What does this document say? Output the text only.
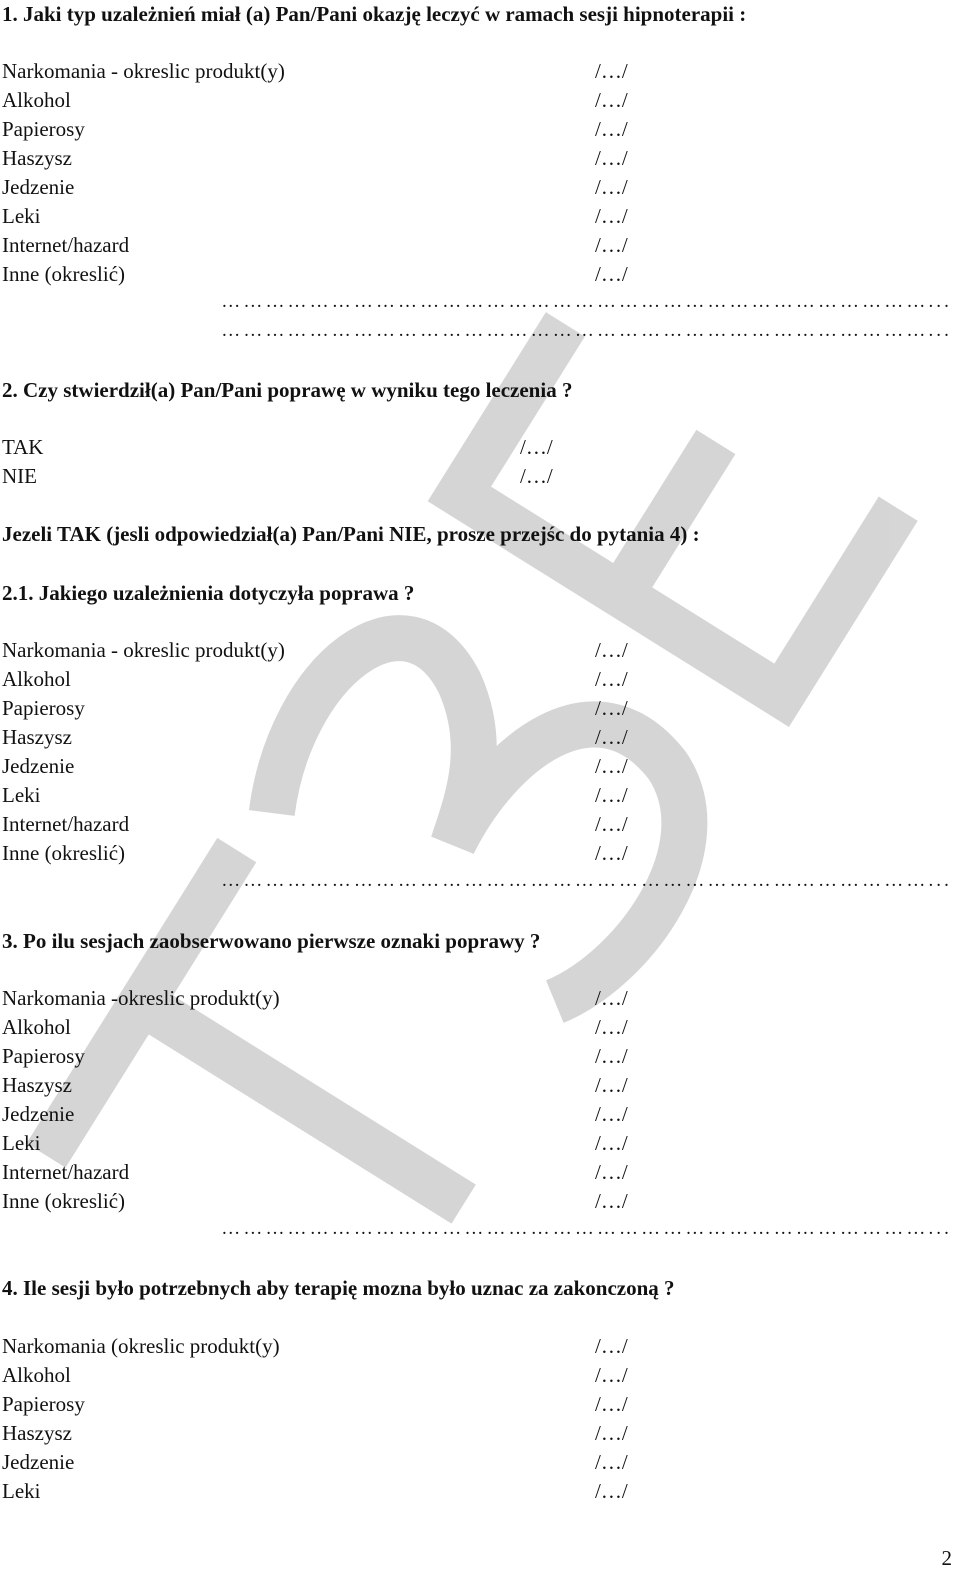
1. Jaki typ uzależnień miał (a) Pan/Pani okazję leczyć w ramach sesji hipnoterapii :
Narkomania - okreslic produkt(y)	/…/
Alkohol	/…/
Papierosy	/…/
Haszysz	/…/
Jedzenie	/…/
Leki	/…/
Internet/hazard	/…/
Inne (okreslić)	/…/
……………………………………………………………………………………...
……………………………………………………………………………………...
2. Czy stwierdził(a) Pan/Pani poprawę w wyniku tego leczenia ?
TAK	/…/
NIE	/…/
Jezeli TAK (jesli odpowiedział(a) Pan/Pani NIE, prosze przejśc do pytania 4) :
2.1. Jakiego uzależnienia dotyczyła poprawa ?
Narkomania - okreslic produkt(y)	/…/
Alkohol	/…/
Papierosy	/…/
Haszysz	/…/
Jedzenie	/…/
Leki	/…/
Internet/hazard	/…/
Inne (okreslić)	/…/
……………………………………………………………………………………...
3. Po ilu sesjach zaobserwowano pierwsze oznaki poprawy ?
Narkomania -okreslic produkt(y)	/…/
Alkohol	/…/
Papierosy	/…/
Haszysz	/…/
Jedzenie	/…/
Leki	/…/
Internet/hazard	/…/
Inne (okreslić)	/…/
……………………………………………………………………………………...
4. Ile sesji było potrzebnych aby terapię mozna było uznac za zakonczoną ?
Narkomania (okreslic produkt(y)	/…/
Alkohol	/…/
Papierosy	/…/
Haszysz	/…/
Jedzenie	/…/
Leki	/…/
2
